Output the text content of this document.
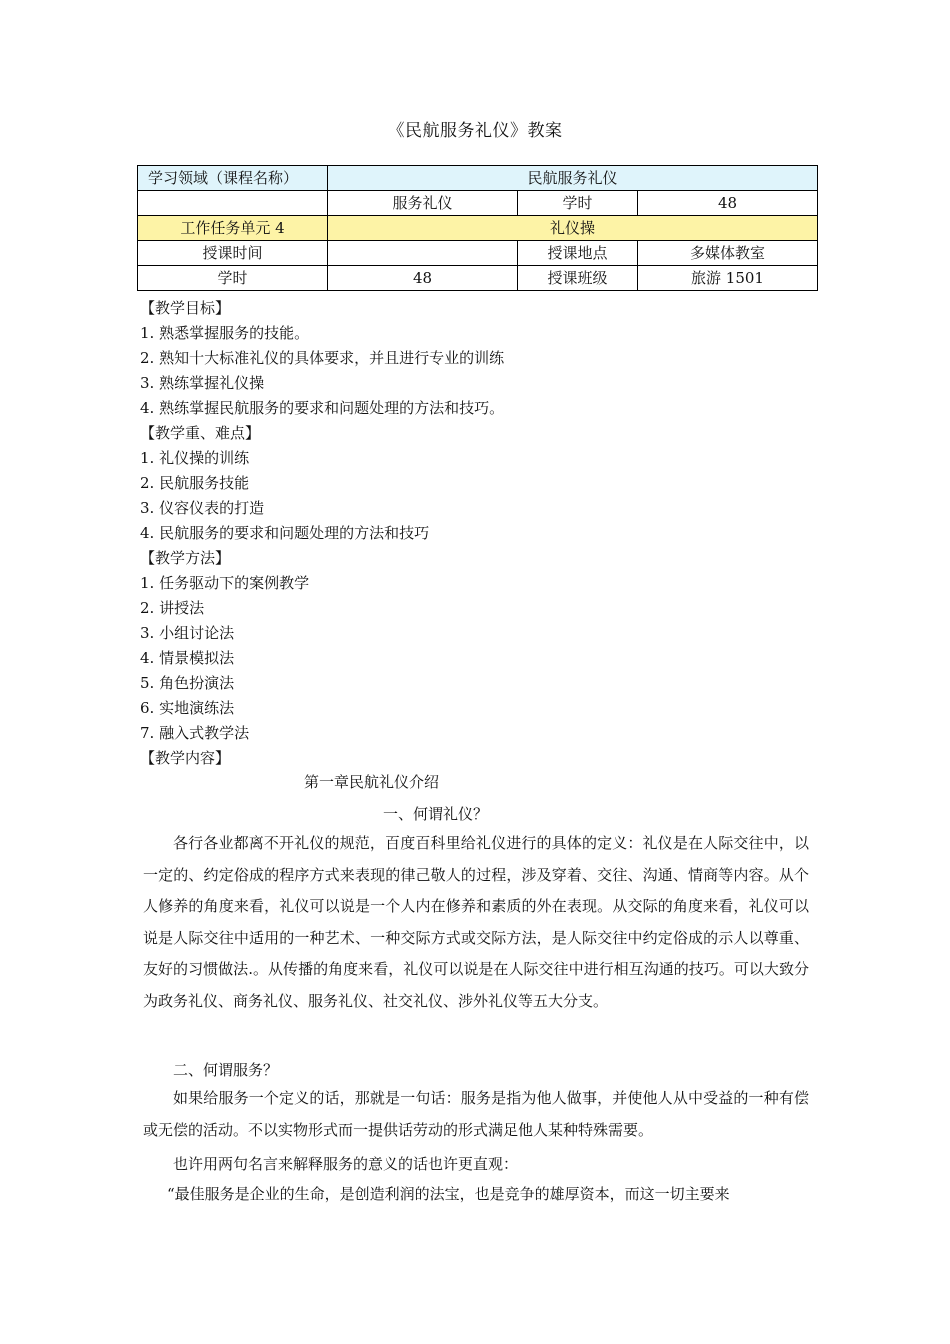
《民航服务礼仪》教案
学习领域（课程名称）	民航服务礼仪		
	服务礼仪	学时	48
工作任务单元 4	礼仪操		
授课时间		授课地点	多媒体教室
学时	48	授课班级	旅游 1501
【教学目标】
1. 熟悉掌握服务的技能。
2. 熟知十大标准礼仪的具体要求，并且进行专业的训练
3. 熟练掌握礼仪操
4. 熟练掌握民航服务的要求和问题处理的方法和技巧。
【教学重、难点】
1. 礼仪操的训练
2. 民航服务技能
3. 仪容仪表的打造
4. 民航服务的要求和问题处理的方法和技巧
【教学方法】
1. 任务驱动下的案例教学
2. 讲授法
3. 小组讨论法
4. 情景模拟法
5. 角色扮演法
6. 实地演练法
7. 融入式教学法
【教学内容】
第一章民航礼仪介绍
一、何谓礼仪？
各行各业都离不开礼仪的规范，百度百科里给礼仪进行的具体的定义：礼仪是在人际交往中，以一定的、约定俗成的程序方式来表现的律己敬人的过程，涉及穿着、交往、沟通、情商等内容。从个人修养的角度来看，礼仪可以说是一个人内在修养和素质的外在表现。从交际的角度来看，礼仪可以说是人际交往中适用的一种艺术、一种交际方式或交际方法，是人际交往中约定俗成的示人以尊重、友好的习惯做法.。从传播的角度来看，礼仪可以说是在人际交往中进行相互沟通的技巧。可以大致分为政务礼仪、商务礼仪、服务礼仪、社交礼仪、涉外礼仪等五大分支。
二、何谓服务？
如果给服务一个定义的话，那就是一句话：服务是指为他人做事，并使他人从中受益的一种有偿或无偿的活动。不以实物形式而一提供话劳动的形式满足他人某种特殊需要。
也许用两句名言来解释服务的意义的话也许更直观：
“最佳服务是企业的生命，是创造利润的法宝，也是竞争的雄厚资本，而这一切主要来
